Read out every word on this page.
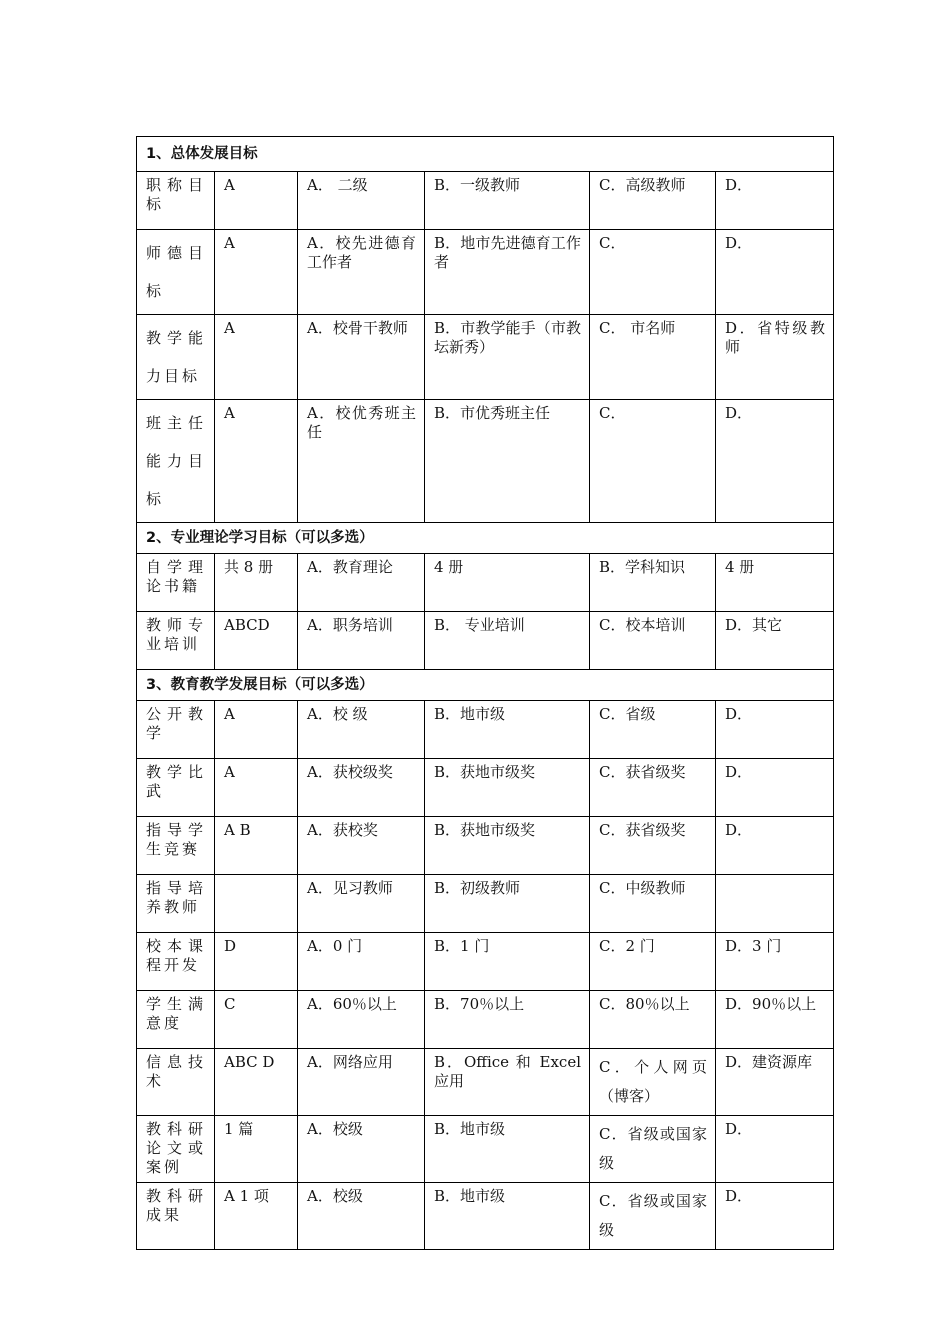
1、总体发展目标					
职称目标	A	A． 二级	B．一级教师	C．高级教师	D．
师德目标	A	A．校先进德育工作者	B．地市先进德育工作者	C．	D．
教学能力目标	A	A．校骨干教师	B．市教学能手（市教坛新秀）	C． 市名师	D．省特级教师
班主任能力目标	A	A．校优秀班主任	B．市优秀班主任	C．	D．
2、专业理论学习目标（可以多选）					
自学理论书籍	共 8 册	A．教育理论	4 册	B．学科知识	4 册
教师专业培训	ABCD	A．职务培训	B． 专业培训	C．校本培训	D．其它
3、教育教学发展目标（可以多选）					
公开教学	A	A．校 级	B．地市级	C．省级	D．
教学比武	A	A．获校级奖	B．获地市级奖	C．获省级奖	D．
指导学生竞赛	A B	A．获校奖	B．获地市级奖	C．获省级奖	D．
指导培养教师		A．见习教师	B．初级教师	C．中级教师	
校本课程开发	D	A．0 门	B．1 门	C．2 门	D．3 门
学生满意度	C	A．60％以上	B．70％以上	C．80％以上	D．90％以上
信息技术	ABC D	A．网络应用	B．Office 和 Excel 应用	C．个人网页（博客）	D．建资源库
教科研论文或案例	1 篇	A．校级	B．地市级	C．省级或国家级	D．
教科研成果	A 1 项	A．校级	B．地市级	C．省级或国家级	D．
